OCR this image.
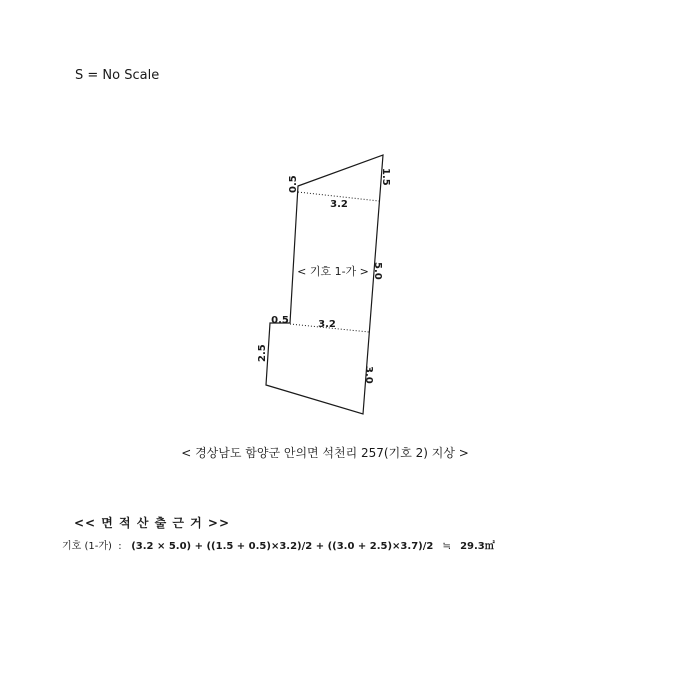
S = No Scale
0.5
3.2
1.5
5.0
0.5	3.2
2.5
3.0
< 기호 1-가 >
< 경상남도 함양군 안의면 석천리 257(기호 2) 지상 >
<< 면 적 산 출 근 거 >>
기호 (1-가)  :   (3.2 × 5.0) + ((1.5 + 0.5)×3.2)/2 + ((3.0 + 2.5)×3.7)/2 ≒ 29.3㎡
